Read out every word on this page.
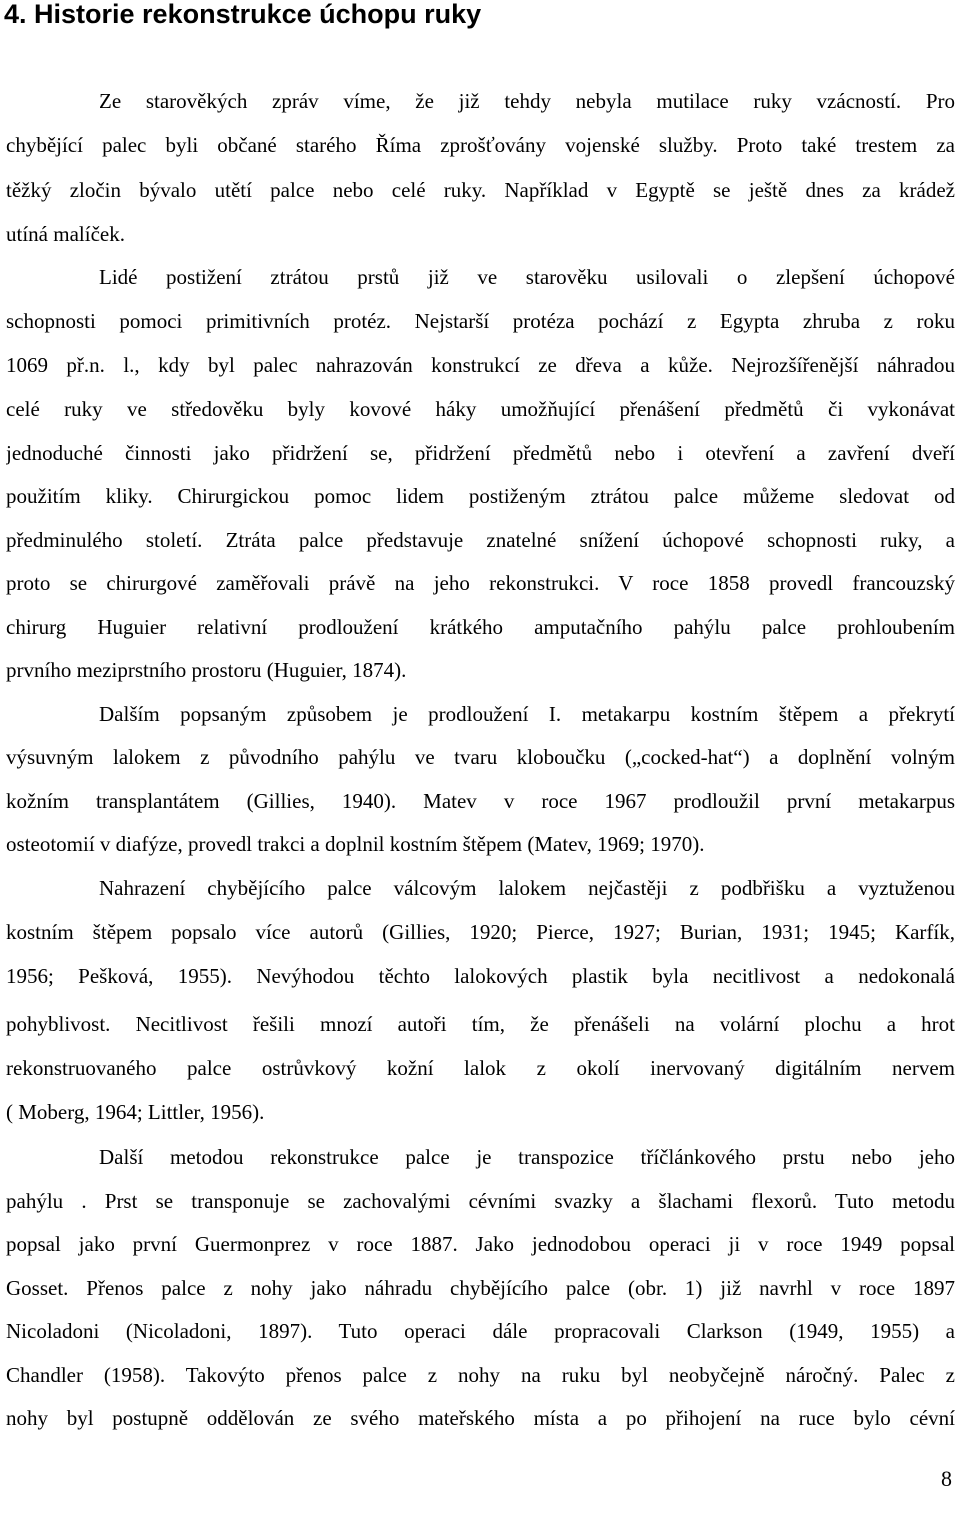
4. Historie rekonstrukce úchopu ruky
Ze starověkých zpráv víme, že již tehdy nebyla mutilace ruky vzácností. Pro
chybějící palec byli občané starého Říma zprošťovány vojenské služby. Proto také trestem za
těžký zločin bývalo utětí palce nebo celé ruky. Například v Egyptě se ještě dnes za krádež
utíná malíček.
Lidé postižení ztrátou prstů již ve starověku usilovali o zlepšení úchopové
schopnosti pomoci primitivních protéz. Nejstarší protéza pochází z Egypta zhruba z roku
1069 př.n. l., kdy byl palec nahrazován konstrukcí ze dřeva a kůže. Nejrozšířenější náhradou
celé ruky ve středověku byly kovové háky umožňující přenášení předmětů či vykonávat
jednoduché činnosti jako přidržení se, přidržení předmětů nebo i otevření a zavření dveří
použitím kliky. Chirurgickou pomoc lidem postiženým ztrátou palce můžeme sledovat od
předminulého století. Ztráta palce představuje znatelné snížení úchopové schopnosti ruky, a
proto se chirurgové zaměřovali právě na jeho rekonstrukci. V roce 1858 provedl francouzský
chirurg Huguier relativní prodloužení krátkého amputačního pahýlu palce prohloubením
prvního meziprstního prostoru (Huguier, 1874).
Dalším popsaným způsobem je prodloužení I. metakarpu kostním štěpem a překrytí
výsuvným lalokem z původního pahýlu ve tvaru kloboučku („cocked-hat“) a doplnění volným
kožním transplantátem (Gillies, 1940). Matev v roce 1967 prodloužil první metakarpus
osteotomií v diafýze, provedl trakci a doplnil kostním štěpem (Matev, 1969; 1970).
Nahrazení chybějícího palce válcovým lalokem nejčastěji z podbřišku a vyztuženou
kostním štěpem popsalo více autorů (Gillies, 1920; Pierce, 1927; Burian, 1931; 1945; Karfík,
1956; Pešková, 1955). Nevýhodou těchto lalokových plastik byla necitlivost a nedokonalá
pohyblivost. Necitlivost řešili mnozí autoři tím, že přenášeli na volární plochu a hrot
rekonstruovaného palce ostrůvkový kožní lalok z okolí inervovaný digitálním nervem
( Moberg, 1964; Littler, 1956).
Další metodou rekonstrukce palce je transpozice tříčlánkového prstu nebo jeho
pahýlu . Prst se transponuje se zachovalými cévními svazky a šlachami flexorů. Tuto metodu
popsal jako první Guermonprez v roce 1887. Jako jednodobou operaci ji v roce 1949 popsal
Gosset. Přenos palce z nohy jako náhradu chybějícího palce (obr. 1) již navrhl v roce 1897
Nicoladoni (Nicoladoni, 1897). Tuto operaci dále propracovali Clarkson (1949, 1955) a
Chandler (1958). Takovýto přenos palce z nohy na ruku byl neobyčejně náročný. Palec z
nohy byl postupně oddělován ze svého mateřského místa a po přihojení na ruce bylo cévní
8
